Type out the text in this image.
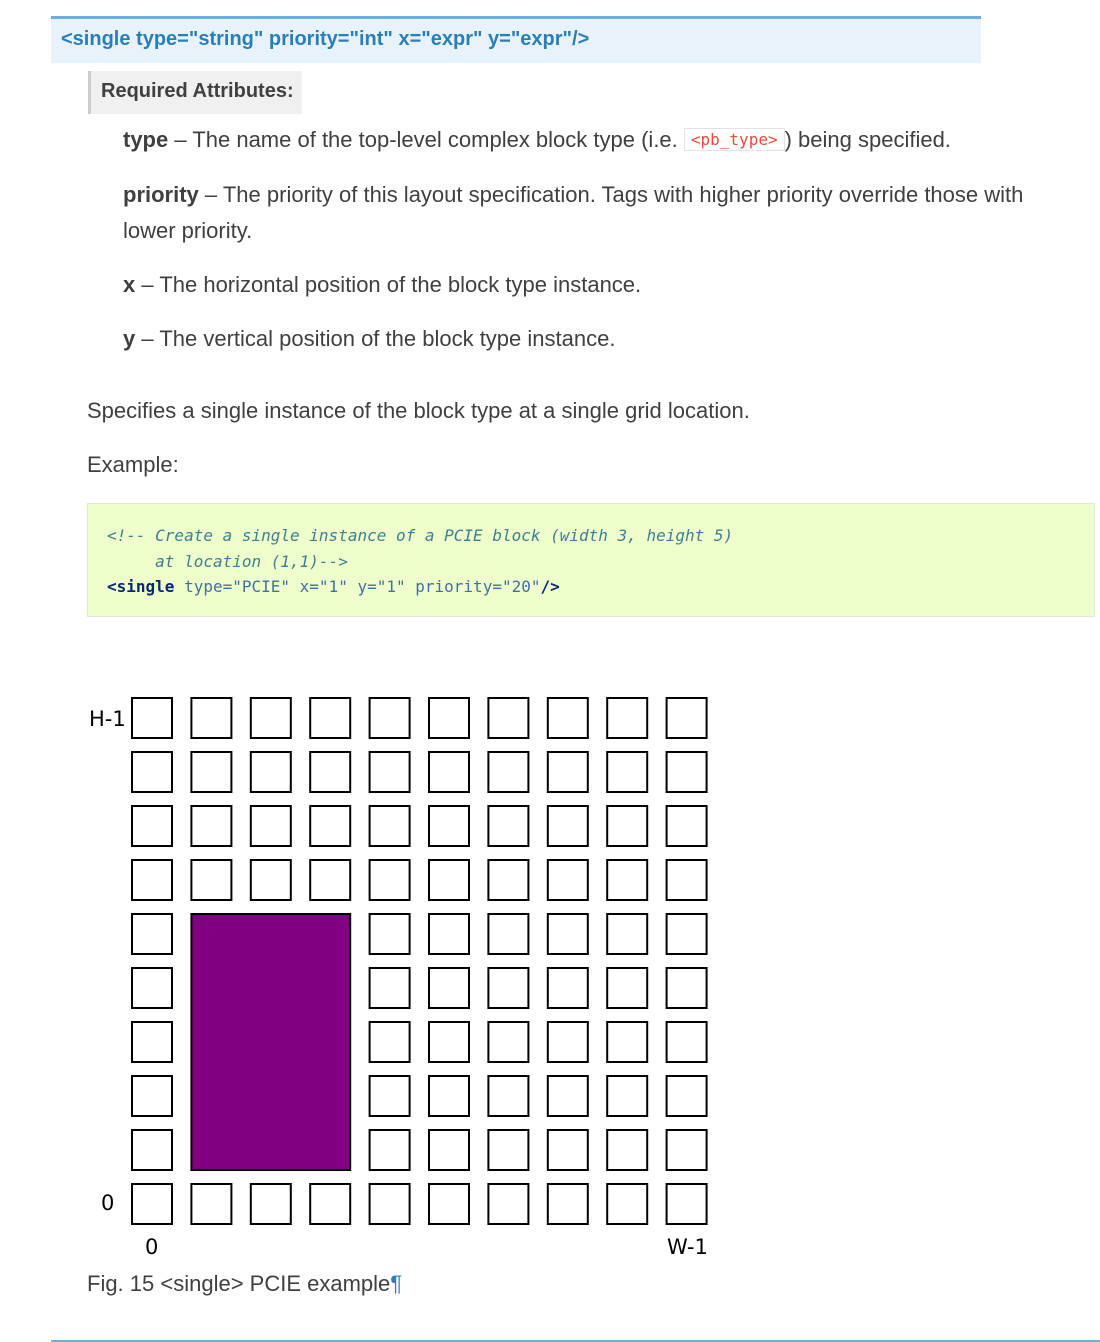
<single type="string" priority="int" x="expr" y="expr"/>
Required Attributes:
type – The name of the top-level complex block type (i.e. <pb_type> ) being specified.
priority – The priority of this layout specification. Tags with higher priority override those with lower priority.
x – The horizontal position of the block type instance.
y – The vertical position of the block type instance.
Specifies a single instance of the block type at a single grid location.
Example:
<!-- Create a single instance of a PCIE block (width 3, height 5)
at location (1,1)-->
<single type="PCIE" x="1" y="1" priority="20"/>
H-1
0
0	W-1
Fig. 15 <single> PCIE example¶
